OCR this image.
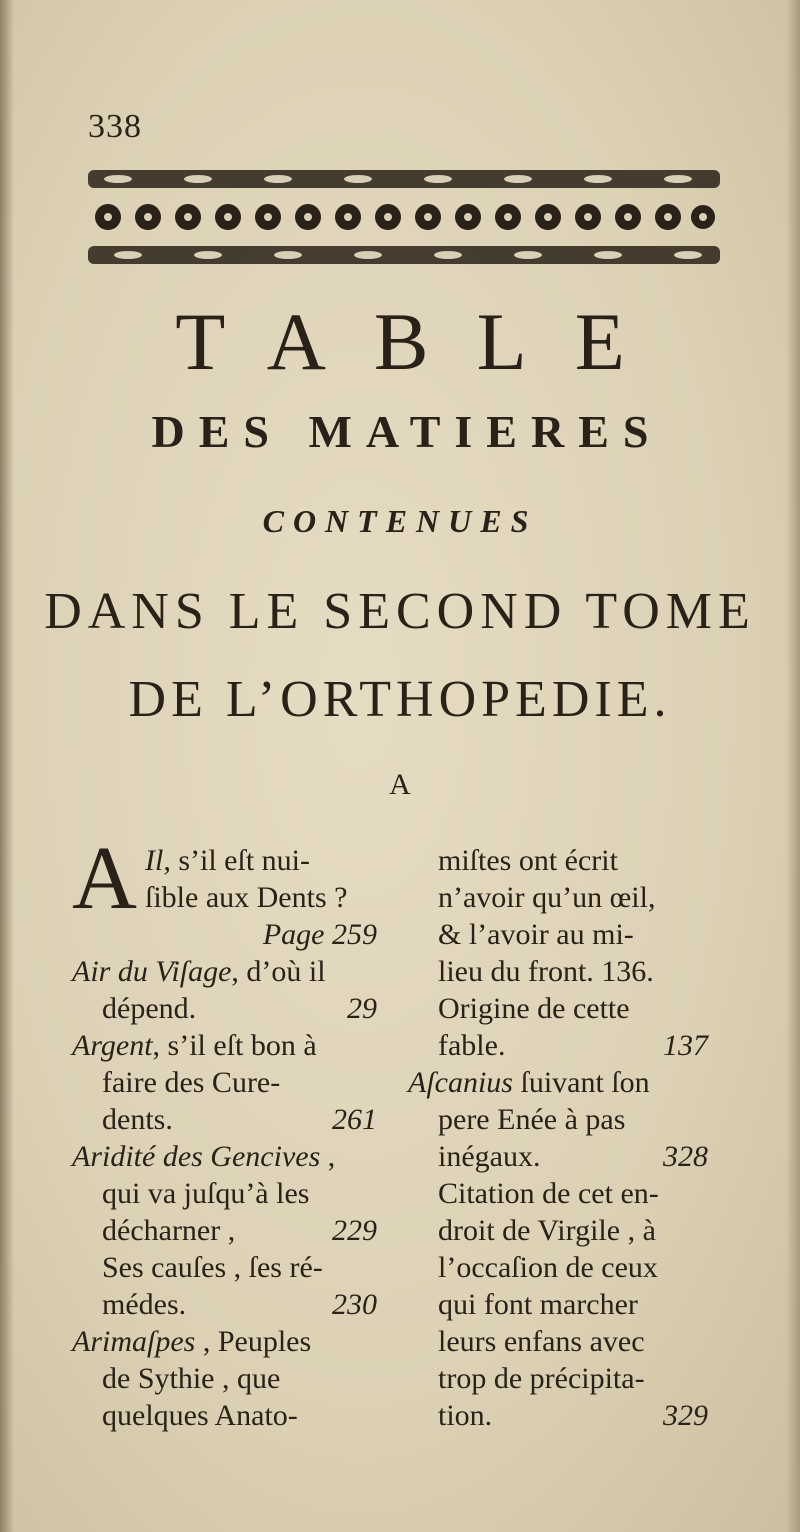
338
TABLE
DES MATIERES
CONTENUES
DANS LE SECOND TOME
DE L’ORTHOPEDIE.
A
A Il, s’il eſt nui-
ſible aux Dents ?
Page 259
Air du Viſage, d’où il
dépend.	29
Argent, s’il eſt bon à
faire des Cure-
dents.	261
Aridité des Gencives ,
qui va juſqu’à les
décharner ,	229
Ses cauſes , ſes ré-
médes.	230
Arimaſpes , Peuples
de Sythie , que
quelques Anato-
miſtes ont écrit
n’avoir qu’un œil,
& l’avoir au mi-
lieu du front. 136.
Origine de cette
fable.	137
Aſcanius ſuivant ſon
pere Enée à pas
inégaux.	328
Citation de cet en-
droit de Virgile , à
l’occaſion de ceux
qui font marcher
leurs enfans avec
trop de précipita-
tion.	329
